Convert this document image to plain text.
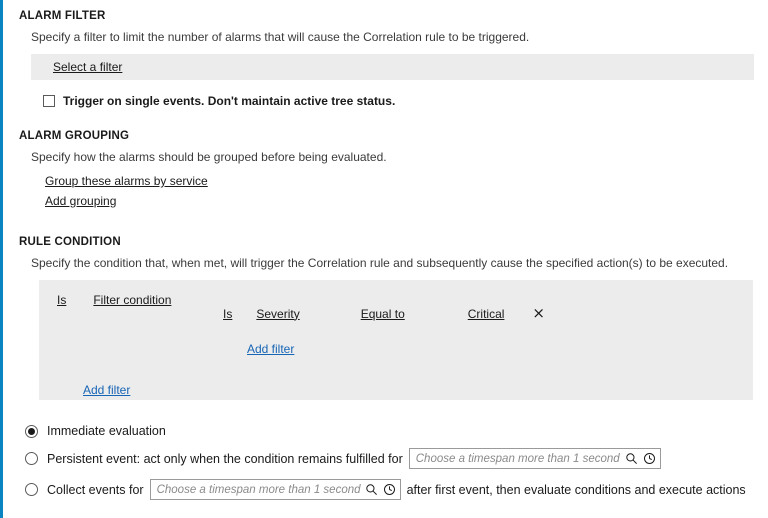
ALARM FILTER
Specify a filter to limit the number of alarms that will cause the Correlation rule to be triggered.
Select a filter
Trigger on single events. Don't maintain active tree status.
ALARM GROUPING
Specify how the alarms should be grouped before being evaluated.
Group these alarms by service
Add grouping
RULE CONDITION
Specify the condition that, when met, will trigger the Correlation rule and subsequently cause the specified action(s) to be executed.
Is Filter condition
Is Severity	Equal to	Critical ×
Add filter
Add filter
Immediate evaluation
Persistent event: act only when the condition remains fulfilled for Choose a timespan more than 1 second
Collect events for Choose a timespan more than 1 second	after first event, then evaluate conditions and execute actions
